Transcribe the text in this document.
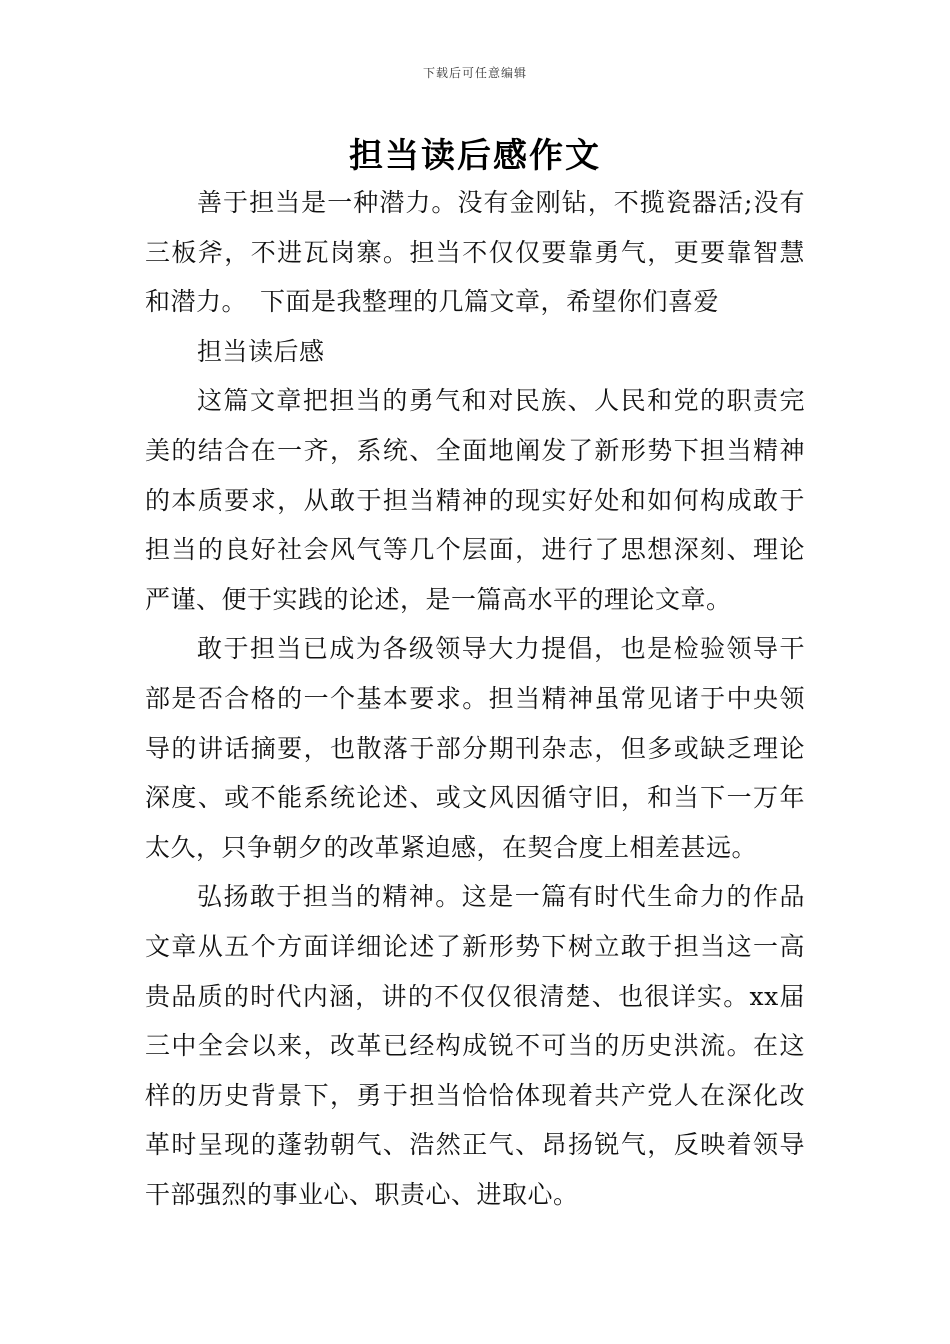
下载后可任意编辑
担当读后感作文

善于担当是一种潜力。没有金刚钻，不揽瓷器活;没有三板斧，不进瓦岗寨。担当不仅仅要靠勇气，更要靠智慧和潜力。　下面是我整理的几篇文章，希望你们喜爱

担当读后感

这篇文章把担当的勇气和对民族、人民和党的职责完美的结合在一齐，系统、全面地阐发了新形势下担当精神的本质要求，从敢于担当精神的现实好处和如何构成敢于担当的良好社会风气等几个层面，进行了思想深刻、理论严谨、便于实践的论述，是一篇高水平的理论文章。

敢于担当已成为各级领导大力提倡，也是检验领导干部是否合格的一个基本要求。担当精神虽常见诸于中央领导的讲话摘要，也散落于部分期刊杂志，但多或缺乏理论深度、或不能系统论述、或文风因循守旧，和当下一万年太久，只争朝夕的改革紧迫感，在契合度上相差甚远。

弘扬敢于担当的精神。这是一篇有时代生命力的作品文章从五个方面详细论述了新形势下树立敢于担当这一高贵品质的时代内涵，讲的不仅仅很清楚、也很详实。xx届三中全会以来，改革已经构成锐不可当的历史洪流。在这样的历史背景下，勇于担当恰恰体现着共产党人在深化改革时呈现的蓬勃朝气、浩然正气、昂扬锐气，反映着领导干部强烈的事业心、职责心、进取心。
